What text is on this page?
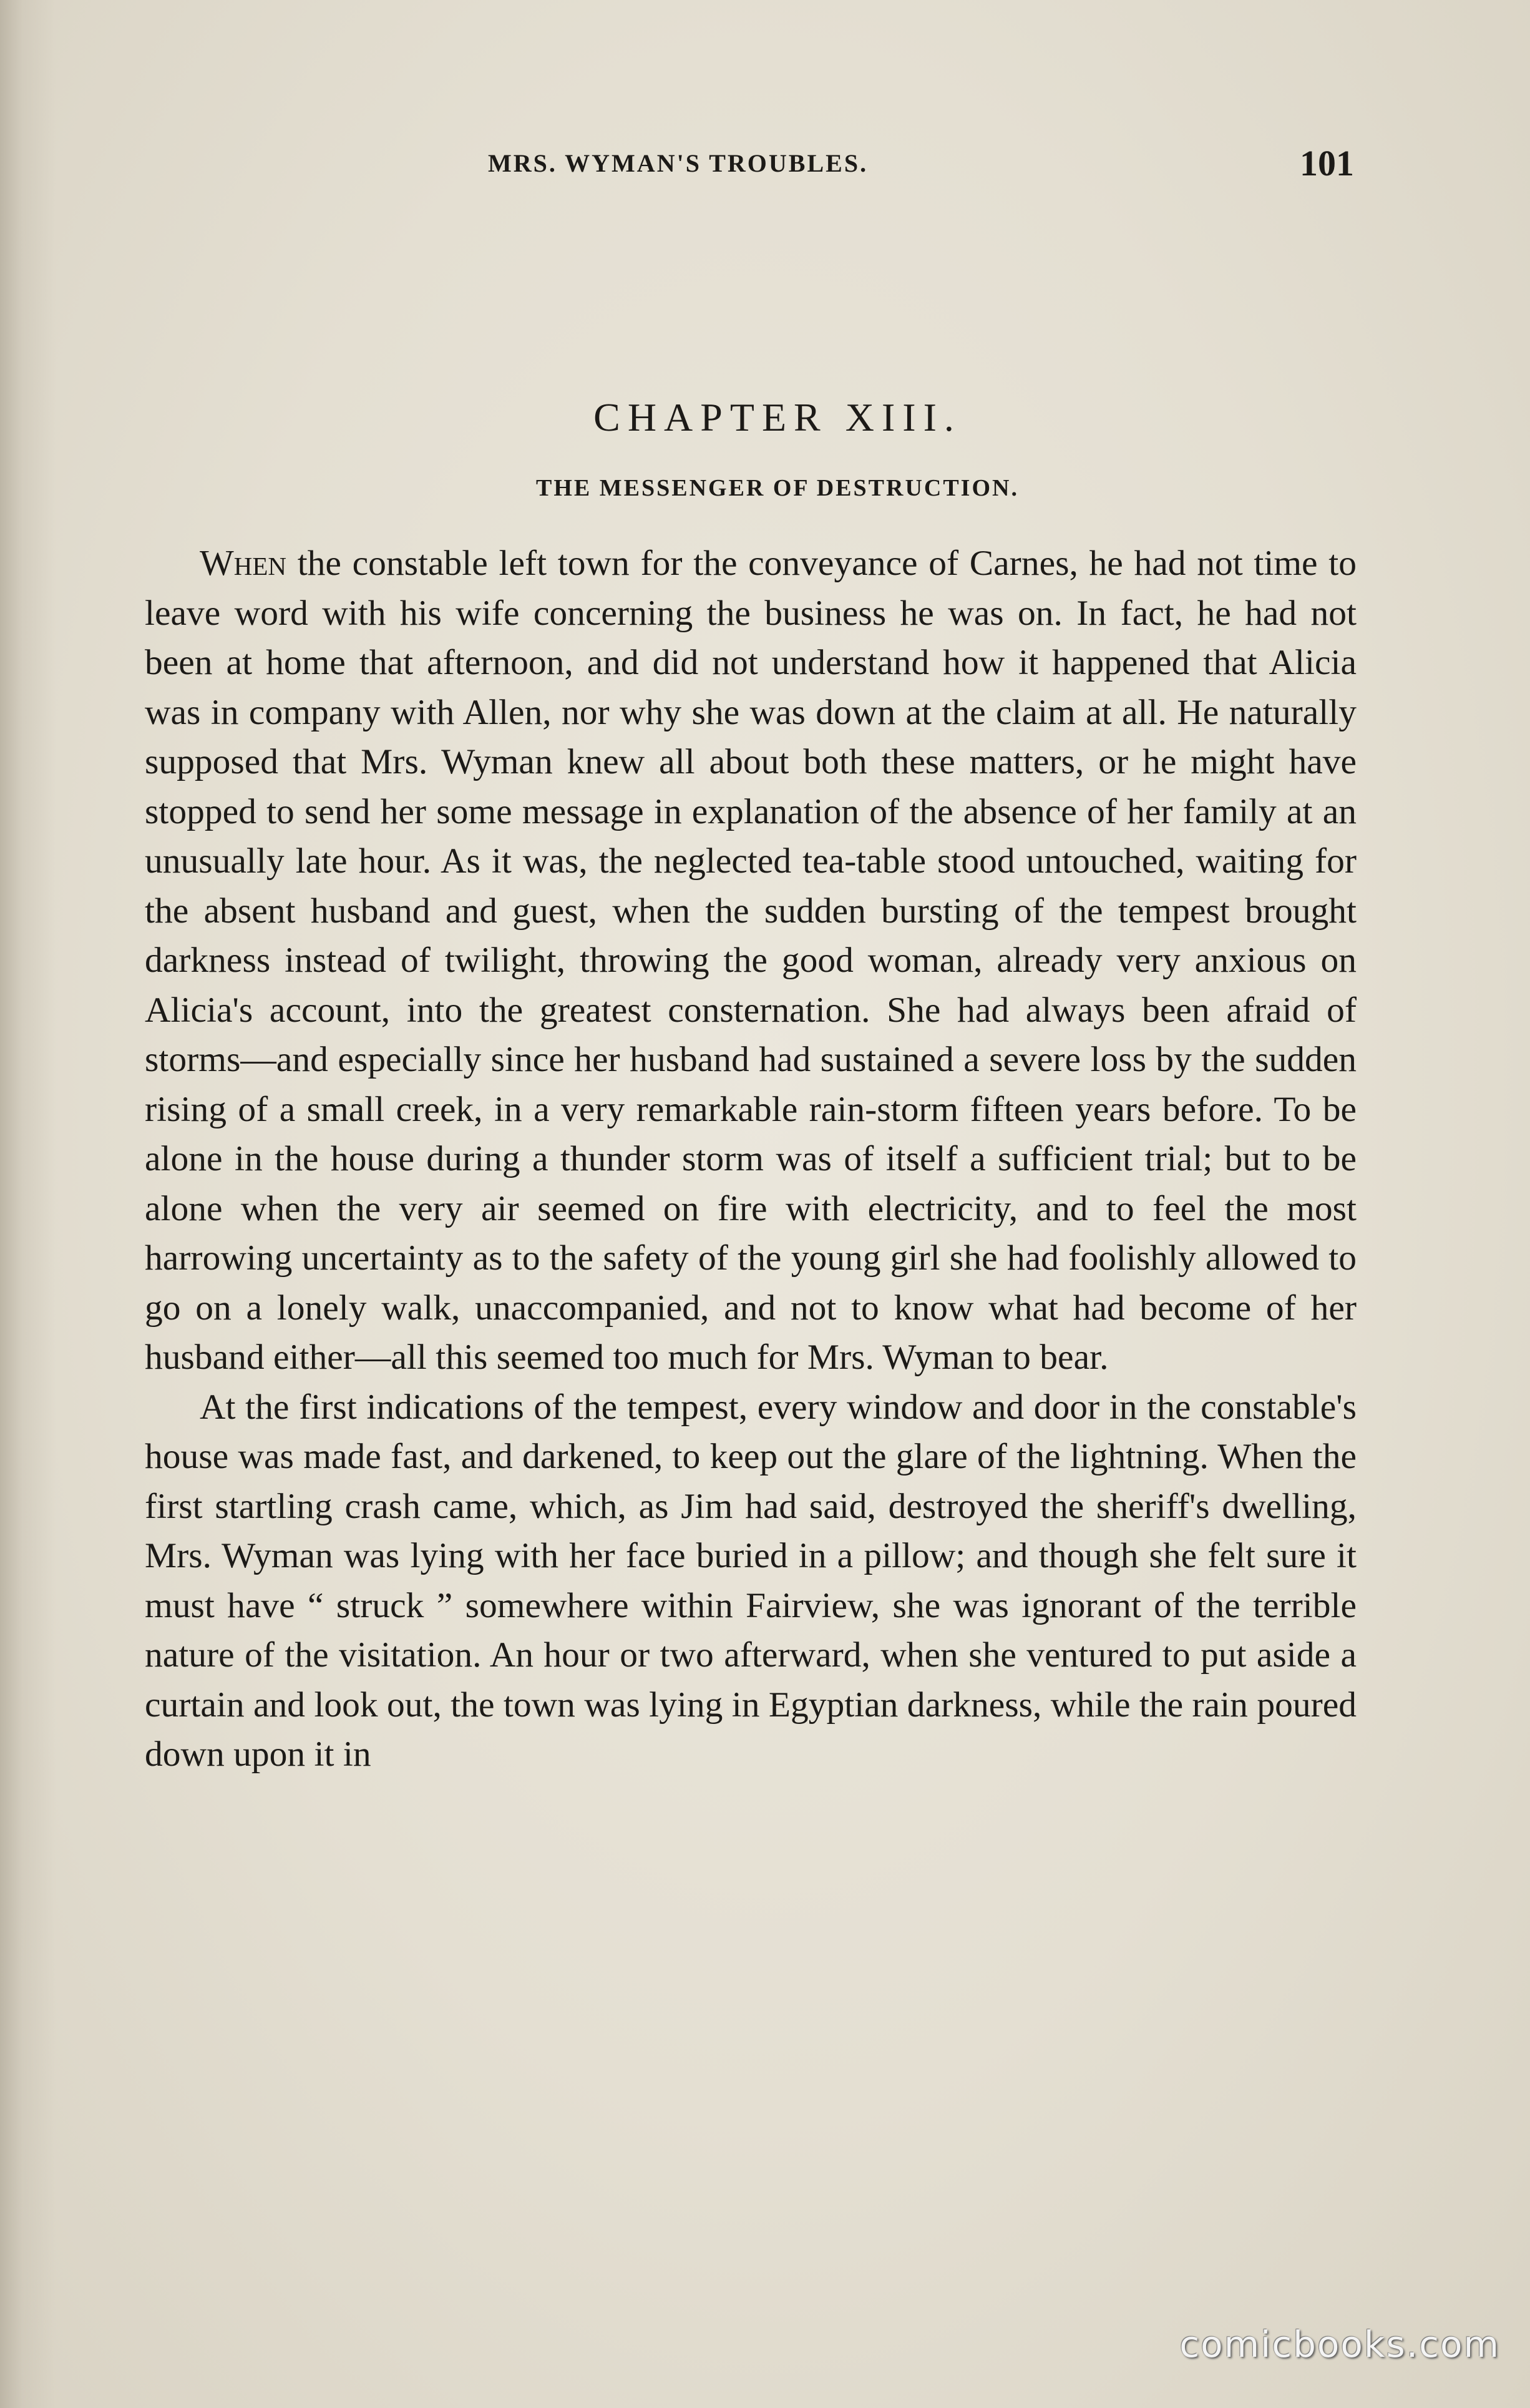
MRS. WYMAN'S TROUBLES.	101
CHAPTER XIII.
THE MESSENGER OF DESTRUCTION.

When the constable left town for the conveyance of Carnes, he had not time to leave word with his wife concerning the business he was on. In fact, he had not been at home that afternoon, and did not understand how it happened that Alicia was in company with Allen, nor why she was down at the claim at all. He naturally supposed that Mrs. Wyman knew all about both these matters, or he might have stopped to send her some message in explanation of the absence of her family at an unusually late hour. As it was, the neglected tea-table stood untouched, waiting for the absent husband and guest, when the sudden bursting of the tempest brought darkness instead of twilight, throwing the good woman, already very anxious on Alicia's account, into the greatest consternation. She had always been afraid of storms—and especially since her husband had sustained a severe loss by the sudden rising of a small creek, in a very remarkable rain-storm fifteen years before. To be alone in the house during a thunder storm was of itself a sufficient trial; but to be alone when the very air seemed on fire with electricity, and to feel the most harrowing uncertainty as to the safety of the young girl she had foolishly allowed to go on a lonely walk, unaccompanied, and not to know what had become of her husband either—all this seemed too much for Mrs. Wyman to bear.

At the first indications of the tempest, every window and door in the constable's house was made fast, and darkened, to keep out the glare of the lightning. When the first startling crash came, which, as Jim had said, destroyed the sheriff's dwelling, Mrs. Wyman was lying with her face buried in a pillow; and though she felt sure it must have “ struck ” somewhere within Fairview, she was ignorant of the terrible nature of the visitation. An hour or two afterward, when she ventured to put aside a curtain and look out, the town was lying in Egyptian darkness, while the rain poured down upon it in

comicbooks.com
